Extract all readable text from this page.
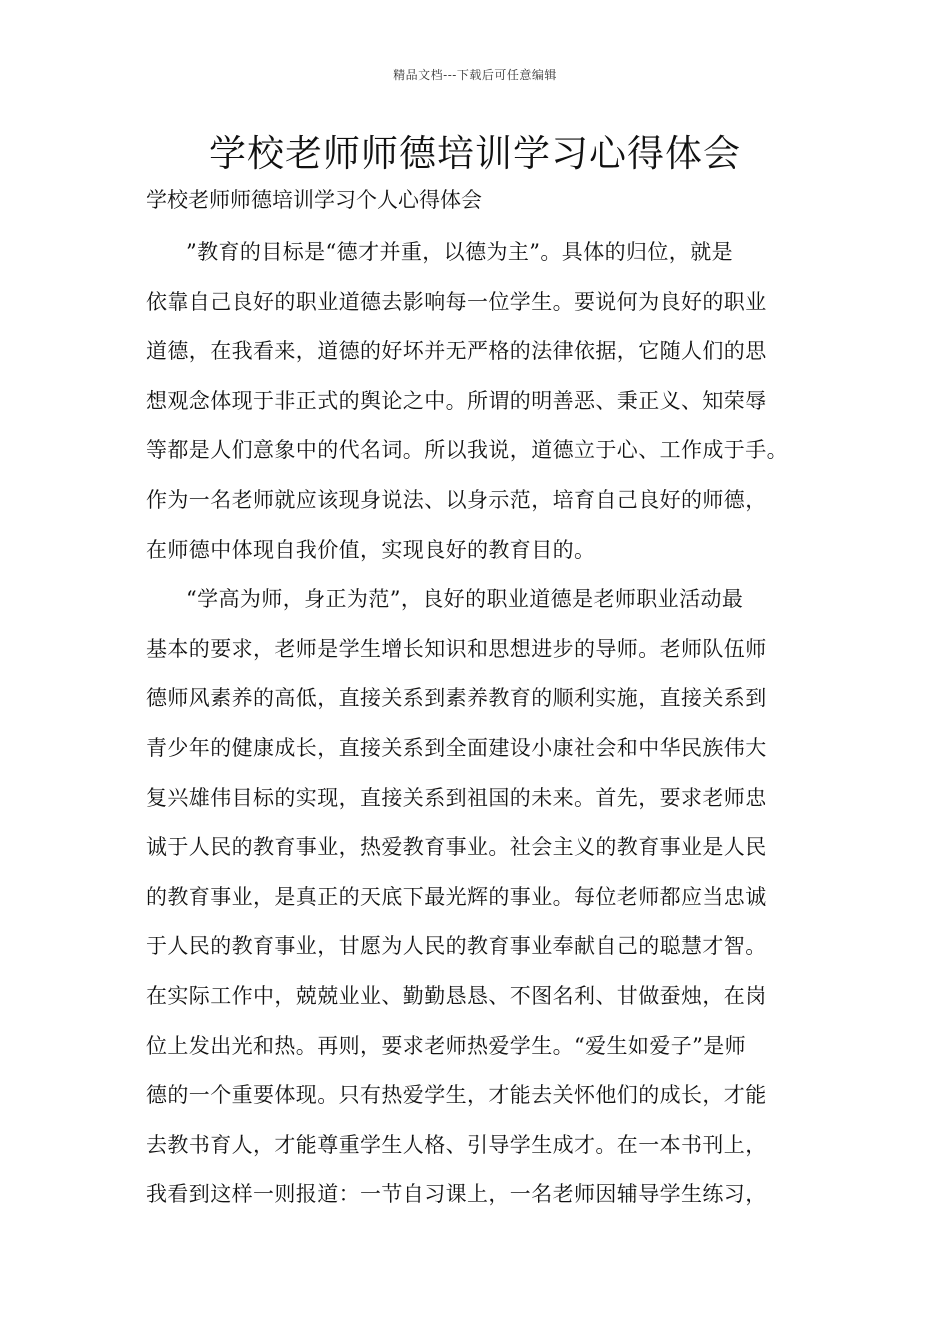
精品文档---下载后可任意编辑
学校老师师德培训学习心得体会
学校老师师德培训学习个人心得体会
”教育的目标是“德才并重，以德为主”。具体的归位，就是
依靠自己良好的职业道德去影响每一位学生。要说何为良好的职业
道德，在我看来，道德的好坏并无严格的法律依据，它随人们的思
想观念体现于非正式的舆论之中。所谓的明善恶、秉正义、知荣辱
等都是人们意象中的代名词。所以我说，道德立于心、工作成于手。
作为一名老师就应该现身说法、以身示范，培育自己良好的师德，
在师德中体现自我价值，实现良好的教育目的。
“学高为师，身正为范”，良好的职业道德是老师职业活动最
基本的要求，老师是学生增长知识和思想进步的导师。老师队伍师
德师风素养的高低，直接关系到素养教育的顺利实施，直接关系到
青少年的健康成长，直接关系到全面建设小康社会和中华民族伟大
复兴雄伟目标的实现，直接关系到祖国的未来。首先，要求老师忠
诚于人民的教育事业，热爱教育事业。社会主义的教育事业是人民
的教育事业，是真正的天底下最光辉的事业。每位老师都应当忠诚
于人民的教育事业，甘愿为人民的教育事业奉献自己的聪慧才智。
在实际工作中，兢兢业业、勤勤恳恳、不图名利、甘做蚕烛，在岗
位上发出光和热。再则，要求老师热爱学生。“爱生如爱子”是师
德的一个重要体现。只有热爱学生，才能去关怀他们的成长，才能
去教书育人，才能尊重学生人格、引导学生成才。在一本书刊上，
我看到这样一则报道：一节自习课上，一名老师因辅导学生练习，
